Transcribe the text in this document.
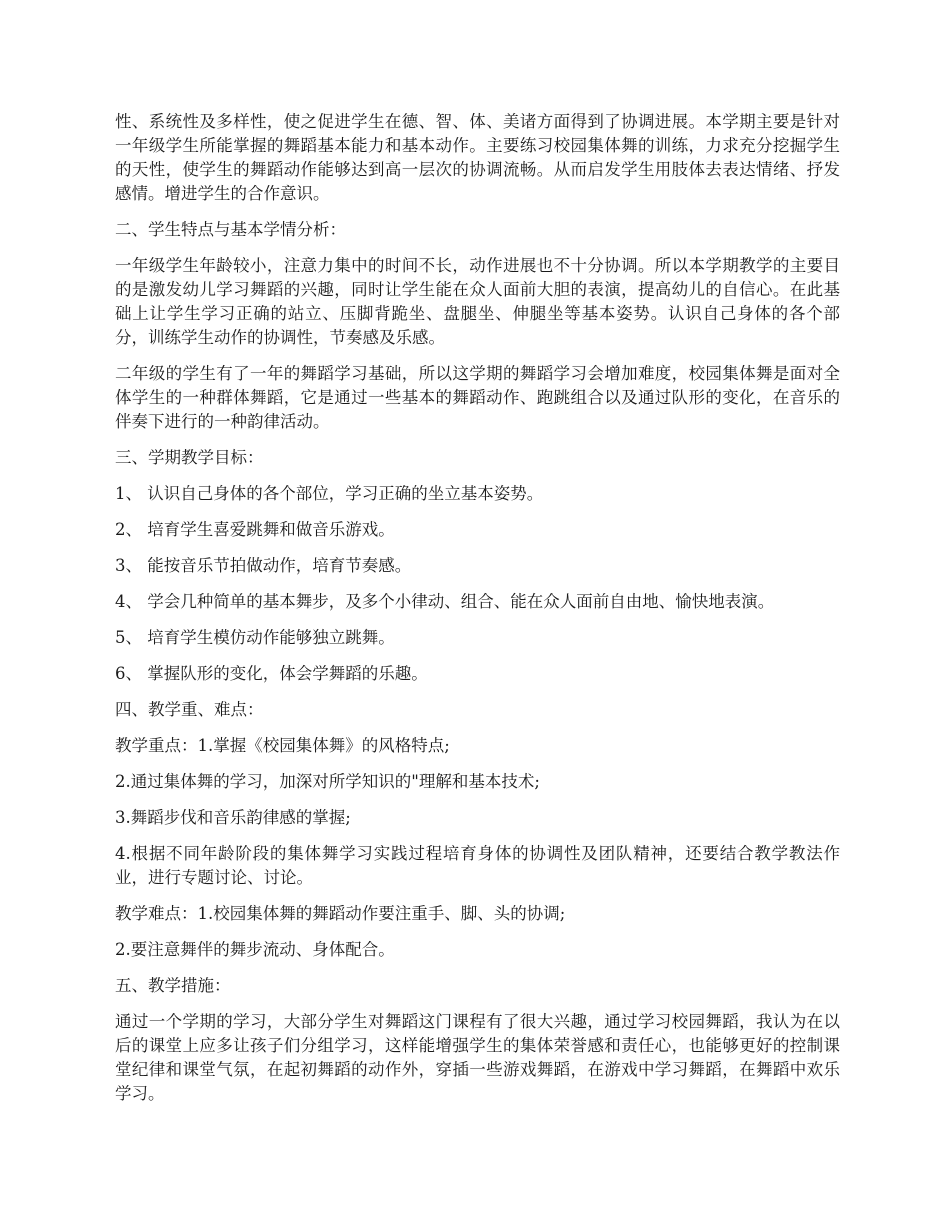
性、系统性及多样性，使之促进学生在德、智、体、美诸方面得到了协调进展。本学期主要是针对一年级学生所能掌握的舞蹈基本能力和基本动作。主要练习校园集体舞的训练，力求充分挖掘学生的天性，使学生的舞蹈动作能够达到高一层次的协调流畅。从而启发学生用肢体去表达情绪、抒发感情。增进学生的合作意识。

二、学生特点与基本学情分析：

一年级学生年龄较小，注意力集中的时间不长，动作进展也不十分协调。所以本学期教学的主要目的是激发幼儿学习舞蹈的兴趣，同时让学生能在众人面前大胆的表演，提高幼儿的自信心。在此基础上让学生学习正确的站立、压脚背跪坐、盘腿坐、伸腿坐等基本姿势。认识自己身体的各个部分，训练学生动作的协调性，节奏感及乐感。

二年级的学生有了一年的舞蹈学习基础，所以这学期的舞蹈学习会增加难度，校园集体舞是面对全体学生的一种群体舞蹈，它是通过一些基本的舞蹈动作、跑跳组合以及通过队形的变化，在音乐的伴奏下进行的一种韵律活动。

三、学期教学目标：

1、 认识自己身体的各个部位，学习正确的坐立基本姿势。
2、 培育学生喜爱跳舞和做音乐游戏。
3、 能按音乐节拍做动作，培育节奏感。
4、 学会几种简单的基本舞步，及多个小律动、组合、能在众人面前自由地、愉快地表演。
5、 培育学生模仿动作能够独立跳舞。
6、 掌握队形的变化，体会学舞蹈的乐趣。

四、教学重、难点：

教学重点：1.掌握《校园集体舞》的风格特点;

2.通过集体舞的学习，加深对所学知识的"理解和基本技术;

3.舞蹈步伐和音乐韵律感的掌握;

4.根据不同年龄阶段的集体舞学习实践过程培育身体的协调性及团队精神，还要结合教学教法作业，进行专题讨论、讨论。

教学难点：1.校园集体舞的舞蹈动作要注重手、脚、头的协调;

2.要注意舞伴的舞步流动、身体配合。

五、教学措施：

通过一个学期的学习，大部分学生对舞蹈这门课程有了很大兴趣，通过学习校园舞蹈，我认为在以后的课堂上应多让孩子们分组学习，这样能增强学生的集体荣誉感和责任心，也能够更好的控制课堂纪律和课堂气氛，在起初舞蹈的动作外，穿插一些游戏舞蹈，在游戏中学习舞蹈，在舞蹈中欢乐学习。
